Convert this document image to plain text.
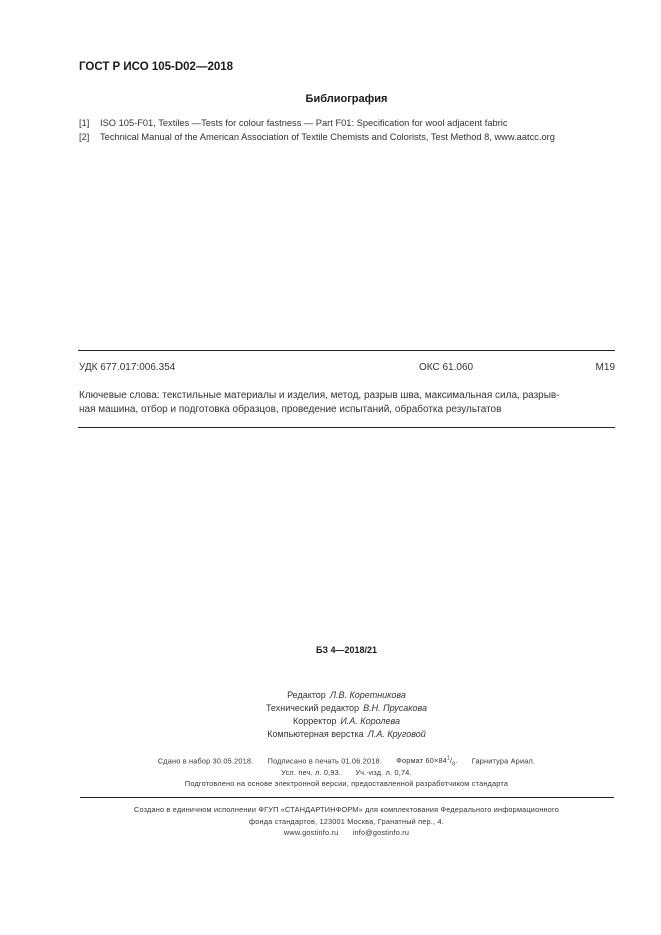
ГОСТ Р ИСО 105-D02—2018
Библиография
[1] ISO 105-F01, Textiles —Tests for colour fastness — Part F01: Specification for wool adjacent fabric
[2] Technical Manual of the American Association of Textile Chemists and Colorists, Test Method 8, www.aatcc.org
УДК 677.017:006.354	ОКС 61.060	М19
Ключевые слова: текстильные материалы и изделия, метод, разрыв шва, максимальная сила, разрыв-
ная машина, отбор и подготовка образцов, проведение испытаний, обработка результатов
БЗ 4—2018/21
Редактор Л.В. Коретникова
Технический редактор В.Н. Прусакова
Корректор И.А. Королева
Компьютерная верстка Л.А. Круговой
Сдано в набор 30.05.2018. Подписано в печать 01.06.2018. Формат $60\times 84^1/_8$. Гарнитура Ариал.
Усл. печ. л. 0,93. Уч.-изд. л. 0,74.
Подготовлено на основе электронной версии, предоставленной разработчиком стандарта
Создано в единичном исполнении ФГУП «СТАНДАРТИНФОРМ» для комплектования Федерального информационного
фонда стандартов, 123001 Москва, Гранатный пер., 4.
www.gostinfo.ru info@gostinfo.ru
